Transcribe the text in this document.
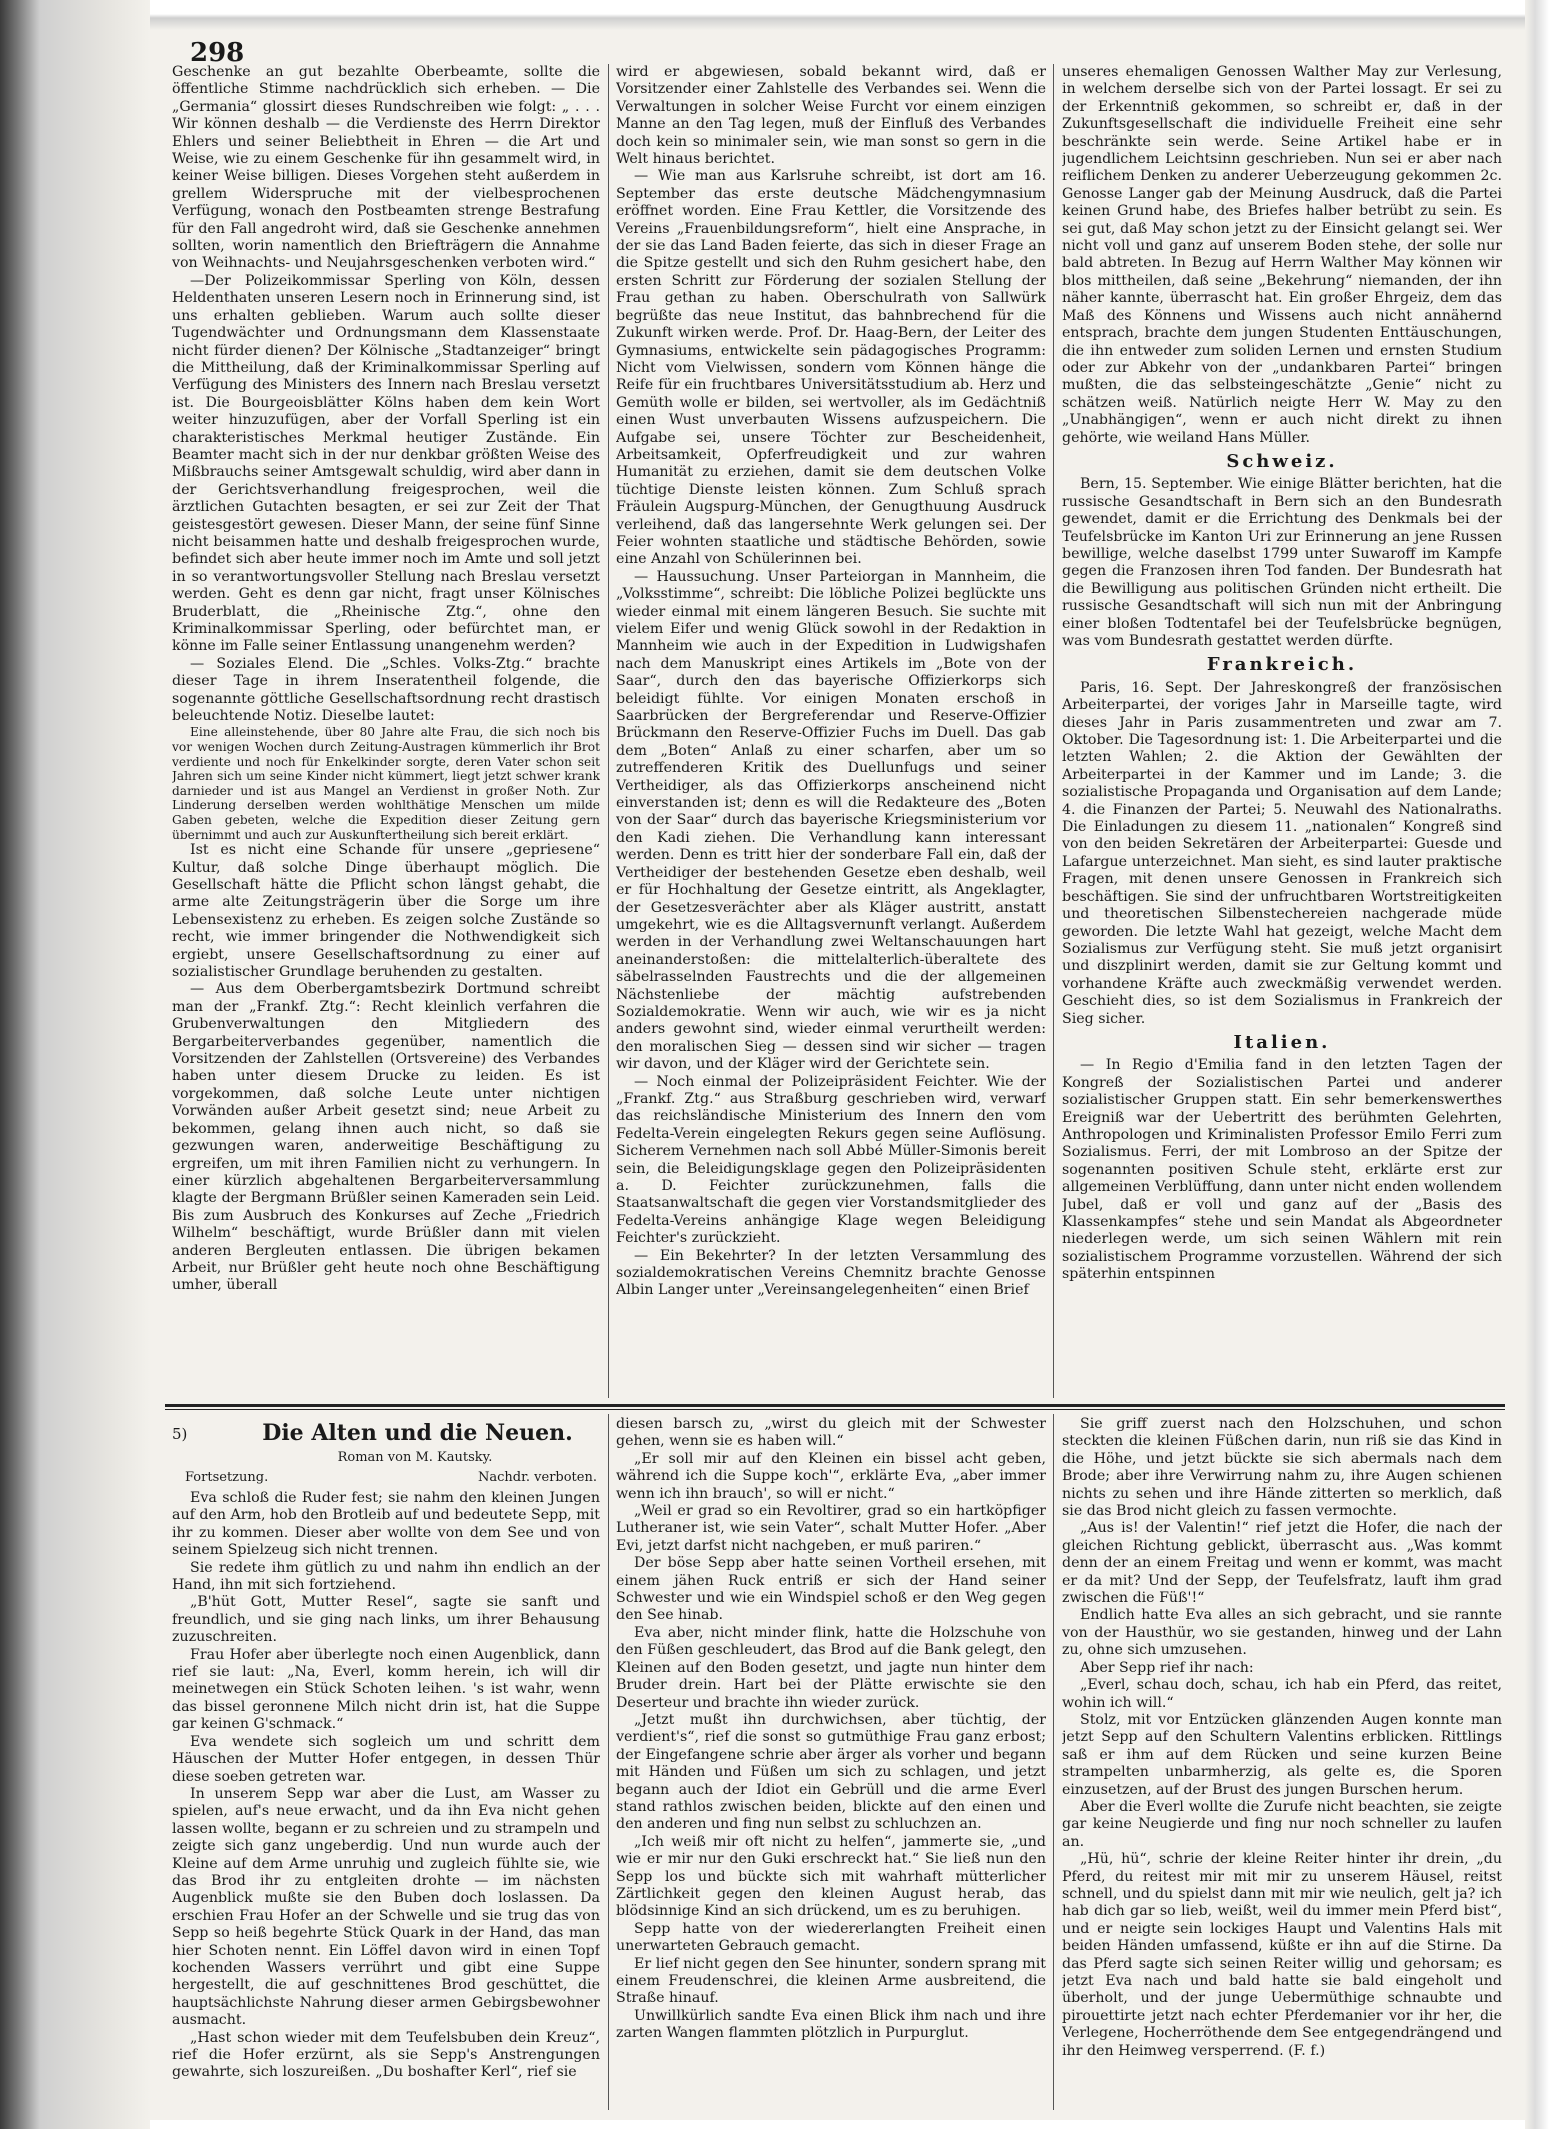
298

Geschenke an gut bezahlte Oberbeamte, sollte die öffentliche Stimme nachdrücklich sich erheben. — Die „Germania“ glossirt dieses Rundschreiben wie folgt: „ . . . Wir können deshalb — die Verdienste des Herrn Direktor Ehlers und seiner Beliebtheit in Ehren — die Art und Weise, wie zu einem Geschenke für ihn gesammelt wird, in keiner Weise billigen. Dieses Vorgehen steht außerdem in grellem Widerspruche mit der vielbesprochenen Verfügung, wonach den Postbeamten strenge Bestrafung für den Fall angedroht wird, daß sie Geschenke annehmen sollten, worin namentlich den Briefträgern die Annahme von Weihnachts- und Neujahrsgeschenken verboten wird.“

—Der Polizeikommissar Sperling von Köln, dessen Heldenthaten unseren Lesern noch in Erinnerung sind, ist uns erhalten geblieben. Warum auch sollte dieser Tugendwächter und Ordnungsmann dem Klassenstaate nicht fürder dienen? Der Kölnische „Stadtanzeiger“ bringt die Mittheilung, daß der Kriminalkommissar Sperling auf Verfügung des Ministers des Innern nach Breslau versetzt ist. Die Bourgeoisblätter Kölns haben dem kein Wort weiter hinzuzufügen, aber der Vorfall Sperling ist ein charakteristisches Merkmal heutiger Zustände. Ein Beamter macht sich in der nur denkbar größten Weise des Mißbrauchs seiner Amtsgewalt schuldig, wird aber dann in der Gerichtsverhandlung freigesprochen, weil die ärztlichen Gutachten besagten, er sei zur Zeit der That geistesgestört gewesen. Dieser Mann, der seine fünf Sinne nicht beisammen hatte und deshalb freigesprochen wurde, befindet sich aber heute immer noch im Amte und soll jetzt in so verantwortungsvoller Stellung nach Breslau versetzt werden. Geht es denn gar nicht, fragt unser Kölnisches Bruderblatt, die „Rheinische Ztg.“, ohne den Kriminalkommissar Sperling, oder befürchtet man, er könne im Falle seiner Entlassung unangenehm werden?

— Soziales Elend. Die „Schles. Volks-Ztg.“ brachte dieser Tage in ihrem Inseratentheil folgende, die sogenannte göttliche Gesellschaftsordnung recht drastisch beleuchtende Notiz. Dieselbe lautet:

Eine alleinstehende, über 80 Jahre alte Frau, die sich noch bis vor wenigen Wochen durch Zeitung-Austragen kümmerlich ihr Brot verdiente und noch für Enkelkinder sorgte, deren Vater schon seit Jahren sich um seine Kinder nicht kümmert, liegt jetzt schwer krank darnieder und ist aus Mangel an Verdienst in großer Noth. Zur Linderung derselben werden wohlthätige Menschen um milde Gaben gebeten, welche die Expedition dieser Zeitung gern übernimmt und auch zur Auskunftertheilung sich bereit erklärt.

Ist es nicht eine Schande für unsere „gepriesene“ Kultur, daß solche Dinge überhaupt möglich. Die Gesellschaft hätte die Pflicht schon längst gehabt, die arme alte Zeitungsträgerin über die Sorge um ihre Lebensexistenz zu erheben. Es zeigen solche Zustände so recht, wie immer bringender die Nothwendigkeit sich ergiebt, unsere Gesellschaftsordnung zu einer auf sozialistischer Grundlage beruhenden zu gestalten.

— Aus dem Oberbergamtsbezirk Dortmund schreibt man der „Frankf. Ztg.“: Recht kleinlich verfahren die Grubenverwaltungen den Mitgliedern des Bergarbeiterverbandes gegenüber, namentlich die Vorsitzenden der Zahlstellen (Ortsvereine) des Verbandes haben unter diesem Drucke zu leiden. Es ist vorgekommen, daß solche Leute unter nichtigen Vorwänden außer Arbeit gesetzt sind; neue Arbeit zu bekommen, gelang ihnen auch nicht, so daß sie gezwungen waren, anderweitige Beschäftigung zu ergreifen, um mit ihren Familien nicht zu verhungern. In einer kürzlich abgehaltenen Bergarbeiterversammlung klagte der Bergmann Brüßler seinen Kameraden sein Leid. Bis zum Ausbruch des Konkurses auf Zeche „Friedrich Wilhelm“ beschäftigt, wurde Brüßler dann mit vielen anderen Bergleuten entlassen. Die übrigen bekamen Arbeit, nur Brüßler geht heute noch ohne Beschäftigung umher, überall

wird er abgewiesen, sobald bekannt wird, daß er Vorsitzender einer Zahlstelle des Verbandes sei. Wenn die Verwaltungen in solcher Weise Furcht vor einem einzigen Manne an den Tag legen, muß der Einfluß des Verbandes doch kein so minimaler sein, wie man sonst so gern in die Welt hinaus berichtet.

— Wie man aus Karlsruhe schreibt, ist dort am 16. September das erste deutsche Mädchengymnasium eröffnet worden. Eine Frau Kettler, die Vorsitzende des Vereins „Frauenbildungsreform“, hielt eine Ansprache, in der sie das Land Baden feierte, das sich in dieser Frage an die Spitze gestellt und sich den Ruhm gesichert habe, den ersten Schritt zur Förderung der sozialen Stellung der Frau gethan zu haben. Oberschulrath von Sallwürk begrüßte das neue Institut, das bahnbrechend für die Zukunft wirken werde. Prof. Dr. Haag-Bern, der Leiter des Gymnasiums, entwickelte sein pädagogisches Programm: Nicht vom Vielwissen, sondern vom Können hänge die Reife für ein fruchtbares Universitätsstudium ab. Herz und Gemüth wolle er bilden, sei wertvoller, als im Gedächtniß einen Wust unverbauten Wissens aufzuspeichern. Die Aufgabe sei, unsere Töchter zur Bescheidenheit, Arbeitsamkeit, Opferfreudigkeit und zur wahren Humanität zu erziehen, damit sie dem deutschen Volke tüchtige Dienste leisten können. Zum Schluß sprach Fräulein Augspurg-München, der Genugthuung Ausdruck verleihend, daß das langersehnte Werk gelungen sei. Der Feier wohnten staatliche und städtische Behörden, sowie eine Anzahl von Schülerinnen bei.

— Haussuchung. Unser Parteiorgan in Mannheim, die „Volksstimme“, schreibt: Die löbliche Polizei beglückte uns wieder einmal mit einem längeren Besuch. Sie suchte mit vielem Eifer und wenig Glück sowohl in der Redaktion in Mannheim wie auch in der Expedition in Ludwigshafen nach dem Manuskript eines Artikels im „Bote von der Saar“, durch den das bayerische Offizierkorps sich beleidigt fühlte. Vor einigen Monaten erschoß in Saarbrücken der Bergreferendar und Reserve-Offizier Brückmann den Reserve-Offizier Fuchs im Duell. Das gab dem „Boten“ Anlaß zu einer scharfen, aber um so zutreffenderen Kritik des Duellunfugs und seiner Vertheidiger, als das Offizierkorps anscheinend nicht einverstanden ist; denn es will die Redakteure des „Boten von der Saar“ durch das bayerische Kriegsministerium vor den Kadi ziehen. Die Verhandlung kann interessant werden. Denn es tritt hier der sonderbare Fall ein, daß der Vertheidiger der bestehenden Gesetze eben deshalb, weil er für Hochhaltung der Gesetze eintritt, als Angeklagter, der Gesetzesverächter aber als Kläger austritt, anstatt umgekehrt, wie es die Alltagsvernunft verlangt. Außerdem werden in der Verhandlung zwei Weltanschauungen hart aneinanderstoßen: die mittelalterlich-überaltete des säbelrasselnden Faustrechts und die der allgemeinen Nächstenliebe der mächtig aufstrebenden Sozialdemokratie. Wenn wir auch, wie wir es ja nicht anders gewohnt sind, wieder einmal verurtheilt werden: den moralischen Sieg — dessen sind wir sicher — tragen wir davon, und der Kläger wird der Gerichtete sein.

— Noch einmal der Polizeipräsident Feichter. Wie der „Frankf. Ztg.“ aus Straßburg geschrieben wird, verwarf das reichsländische Ministerium des Innern den vom Fedelta-Verein eingelegten Rekurs gegen seine Auflösung. Sicherem Vernehmen nach soll Abbé Müller-Simonis bereit sein, die Beleidigungsklage gegen den Polizeipräsidenten a. D. Feichter zurückzunehmen, falls die Staatsanwaltschaft die gegen vier Vorstandsmitglieder des Fedelta-Vereins anhängige Klage wegen Beleidigung Feichter's zurückzieht.

— Ein Bekehrter? In der letzten Versammlung des sozialdemokratischen Vereins Chemnitz brachte Genosse Albin Langer unter „Vereinsangelegenheiten“ einen Brief

unseres ehemaligen Genossen Walther May zur Verlesung, in welchem derselbe sich von der Partei lossagt. Er sei zu der Erkenntniß gekommen, so schreibt er, daß in der Zukunftsgesellschaft die individuelle Freiheit eine sehr beschränkte sein werde. Seine Artikel habe er in jugendlichem Leichtsinn geschrieben. Nun sei er aber nach reiflichem Denken zu anderer Ueberzeugung gekommen 2c. Genosse Langer gab der Meinung Ausdruck, daß die Partei keinen Grund habe, des Briefes halber betrübt zu sein. Es sei gut, daß May schon jetzt zu der Einsicht gelangt sei. Wer nicht voll und ganz auf unserem Boden stehe, der solle nur bald abtreten. In Bezug auf Herrn Walther May können wir blos mittheilen, daß seine „Bekehrung“ niemanden, der ihn näher kannte, überrascht hat. Ein großer Ehrgeiz, dem das Maß des Könnens und Wissens auch nicht annähernd entsprach, brachte dem jungen Studenten Enttäuschungen, die ihn entweder zum soliden Lernen und ernsten Studium oder zur Abkehr von der „undankbaren Partei“ bringen mußten, die das selbsteingeschätzte „Genie“ nicht zu schätzen weiß. Natürlich neigte Herr W. May zu den „Unabhängigen“, wenn er auch nicht direkt zu ihnen gehörte, wie weiland Hans Müller.

Schweiz.

Bern, 15. September. Wie einige Blätter berichten, hat die russische Gesandtschaft in Bern sich an den Bundesrath gewendet, damit er die Errichtung des Denkmals bei der Teufelsbrücke im Kanton Uri zur Erinnerung an jene Russen bewillige, welche daselbst 1799 unter Suwaroff im Kampfe gegen die Franzosen ihren Tod fanden. Der Bundesrath hat die Bewilligung aus politischen Gründen nicht ertheilt. Die russische Gesandtschaft will sich nun mit der Anbringung einer bloßen Todtentafel bei der Teufelsbrücke begnügen, was vom Bundesrath gestattet werden dürfte.

Frankreich.

Paris, 16. Sept. Der Jahreskongreß der französischen Arbeiterpartei, der voriges Jahr in Marseille tagte, wird dieses Jahr in Paris zusammentreten und zwar am 7. Oktober. Die Tagesordnung ist: 1. Die Arbeiterpartei und die letzten Wahlen; 2. die Aktion der Gewählten der Arbeiterpartei in der Kammer und im Lande; 3. die sozialistische Propaganda und Organisation auf dem Lande; 4. die Finanzen der Partei; 5. Neuwahl des Nationalraths. Die Einladungen zu diesem 11. „nationalen“ Kongreß sind von den beiden Sekretären der Arbeiterpartei: Guesde und Lafargue unterzeichnet. Man sieht, es sind lauter praktische Fragen, mit denen unsere Genossen in Frankreich sich beschäftigen. Sie sind der unfruchtbaren Wortstreitigkeiten und theoretischen Silbenstechereien nachgerade müde geworden. Die letzte Wahl hat gezeigt, welche Macht dem Sozialismus zur Verfügung steht. Sie muß jetzt organisirt und diszplinirt werden, damit sie zur Geltung kommt und vorhandene Kräfte auch zweckmäßig verwendet werden. Geschieht dies, so ist dem Sozialismus in Frankreich der Sieg sicher.

Italien.

— In Regio d'Emilia fand in den letzten Tagen der Kongreß der Sozialistischen Partei und anderer sozialistischer Gruppen statt. Ein sehr bemerkenswerthes Ereigniß war der Uebertritt des berühmten Gelehrten, Anthropologen und Kriminalisten Professor Emilo Ferri zum Sozialismus. Ferri, der mit Lombroso an der Spitze der sogenannten positiven Schule steht, erklärte erst zur allgemeinen Verblüffung, dann unter nicht enden wollendem Jubel, daß er voll und ganz auf der „Basis des Klassenkampfes“ stehe und sein Mandat als Abgeordneter niederlegen werde, um sich seinen Wählern mit rein sozialistischem Programme vorzustellen. Während der sich späterhin entspinnen

5)	Die Alten und die Neuen.
Roman von M. Kautsky.
Fortsetzung.	Nachdr. verboten.

Eva schloß die Ruder fest; sie nahm den kleinen Jungen auf den Arm, hob den Brotleib auf und bedeutete Sepp, mit ihr zu kommen. Dieser aber wollte von dem See und von seinem Spielzeug sich nicht trennen.

Sie redete ihm gütlich zu und nahm ihn endlich an der Hand, ihn mit sich fortziehend.

„B'hüt Gott, Mutter Resel“, sagte sie sanft und freundlich, und sie ging nach links, um ihrer Behausung zuzuschreiten.

Frau Hofer aber überlegte noch einen Augenblick, dann rief sie laut: „Na, Everl, komm herein, ich will dir meinetwegen ein Stück Schoten leihen. 's ist wahr, wenn das bissel geronnene Milch nicht drin ist, hat die Suppe gar keinen G'schmack.“

Eva wendete sich sogleich um und schritt dem Häuschen der Mutter Hofer entgegen, in dessen Thür diese soeben getreten war.

In unserem Sepp war aber die Lust, am Wasser zu spielen, auf's neue erwacht, und da ihn Eva nicht gehen lassen wollte, begann er zu schreien und zu strampeln und zeigte sich ganz ungeberdig. Und nun wurde auch der Kleine auf dem Arme unruhig und zugleich fühlte sie, wie das Brod ihr zu entgleiten drohte — im nächsten Augenblick mußte sie den Buben doch loslassen. Da erschien Frau Hofer an der Schwelle und sie trug das von Sepp so heiß begehrte Stück Quark in der Hand, das man hier Schoten nennt. Ein Löffel davon wird in einen Topf kochenden Wassers verrührt und gibt eine Suppe hergestellt, die auf geschnittenes Brod geschüttet, die hauptsächlichste Nahrung dieser armen Gebirgsbewohner ausmacht.

„Hast schon wieder mit dem Teufelsbuben dein Kreuz“, rief die Hofer erzürnt, als sie Sepp's Anstrengungen gewahrte, sich loszureißen. „Du boshafter Kerl“, rief sie

diesen barsch zu, „wirst du gleich mit der Schwester gehen, wenn sie es haben will.“

„Er soll mir auf den Kleinen ein bissel acht geben, während ich die Suppe koch'“, erklärte Eva, „aber immer wenn ich ihn brauch', so will er nicht.“

„Weil er grad so ein Revoltirer, grad so ein hartköpfiger Lutheraner ist, wie sein Vater“, schalt Mutter Hofer. „Aber Evi, jetzt darfst nicht nachgeben, er muß pariren.“

Der böse Sepp aber hatte seinen Vortheil ersehen, mit einem jähen Ruck entriß er sich der Hand seiner Schwester und wie ein Windspiel schoß er den Weg gegen den See hinab.

Eva aber, nicht minder flink, hatte die Holzschuhe von den Füßen geschleudert, das Brod auf die Bank gelegt, den Kleinen auf den Boden gesetzt, und jagte nun hinter dem Bruder drein. Hart bei der Plätte erwischte sie den Deserteur und brachte ihn wieder zurück.

„Jetzt mußt ihn durchwichsen, aber tüchtig, der verdient's“, rief die sonst so gutmüthige Frau ganz erbost; der Eingefangene schrie aber ärger als vorher und begann mit Händen und Füßen um sich zu schlagen, und jetzt begann auch der Idiot ein Gebrüll und die arme Everl stand rathlos zwischen beiden, blickte auf den einen und den anderen und fing nun selbst zu schluchzen an.

„Ich weiß mir oft nicht zu helfen“, jammerte sie, „und wie er mir nur den Guki erschreckt hat.“ Sie ließ nun den Sepp los und bückte sich mit wahrhaft mütterlicher Zärtlichkeit gegen den kleinen August herab, das blödsinnige Kind an sich drückend, um es zu beruhigen.

Sepp hatte von der wiedererlangten Freiheit einen unerwarteten Gebrauch gemacht.

Er lief nicht gegen den See hinunter, sondern sprang mit einem Freudenschrei, die kleinen Arme ausbreitend, die Straße hinauf.

Unwillkürlich sandte Eva einen Blick ihm nach und ihre zarten Wangen flammten plötzlich in Purpurglut.

Sie griff zuerst nach den Holzschuhen, und schon steckten die kleinen Füßchen darin, nun riß sie das Kind in die Höhe, und jetzt bückte sie sich abermals nach dem Brode; aber ihre Verwirrung nahm zu, ihre Augen schienen nichts zu sehen und ihre Hände zitterten so merklich, daß sie das Brod nicht gleich zu fassen vermochte.

„Aus is! der Valentin!“ rief jetzt die Hofer, die nach der gleichen Richtung geblickt, überrascht aus. „Was kommt denn der an einem Freitag und wenn er kommt, was macht er da mit? Und der Sepp, der Teufelsfratz, lauft ihm grad zwischen die Füß'!“

Endlich hatte Eva alles an sich gebracht, und sie rannte von der Hausthür, wo sie gestanden, hinweg und der Lahn zu, ohne sich umzusehen.

Aber Sepp rief ihr nach:

„Everl, schau doch, schau, ich hab ein Pferd, das reitet, wohin ich will.“

Stolz, mit vor Entzücken glänzenden Augen konnte man jetzt Sepp auf den Schultern Valentins erblicken. Rittlings saß er ihm auf dem Rücken und seine kurzen Beine strampelten unbarmherzig, als gelte es, die Sporen einzusetzen, auf der Brust des jungen Burschen herum.

Aber die Everl wollte die Zurufe nicht beachten, sie zeigte gar keine Neugierde und fing nur noch schneller zu laufen an.

„Hü, hü“, schrie der kleine Reiter hinter ihr drein, „du Pferd, du reitest mir mit mir zu unserem Häusel, reitst schnell, und du spielst dann mit mir wie neulich, gelt ja? ich hab dich gar so lieb, weißt, weil du immer mein Pferd bist“, und er neigte sein lockiges Haupt und Valentins Hals mit beiden Händen umfassend, küßte er ihn auf die Stirne. Da das Pferd sagte sich seinen Reiter willig und gehorsam; es jetzt Eva nach und bald hatte sie bald eingeholt und überholt, und der junge Uebermüthige schnaubte und pirouettirte jetzt nach echter Pferdemanier vor ihr her, die Verlegene, Hocherröthende dem See entgegendrängend und ihr den Heimweg versperrend. (F. f.)
